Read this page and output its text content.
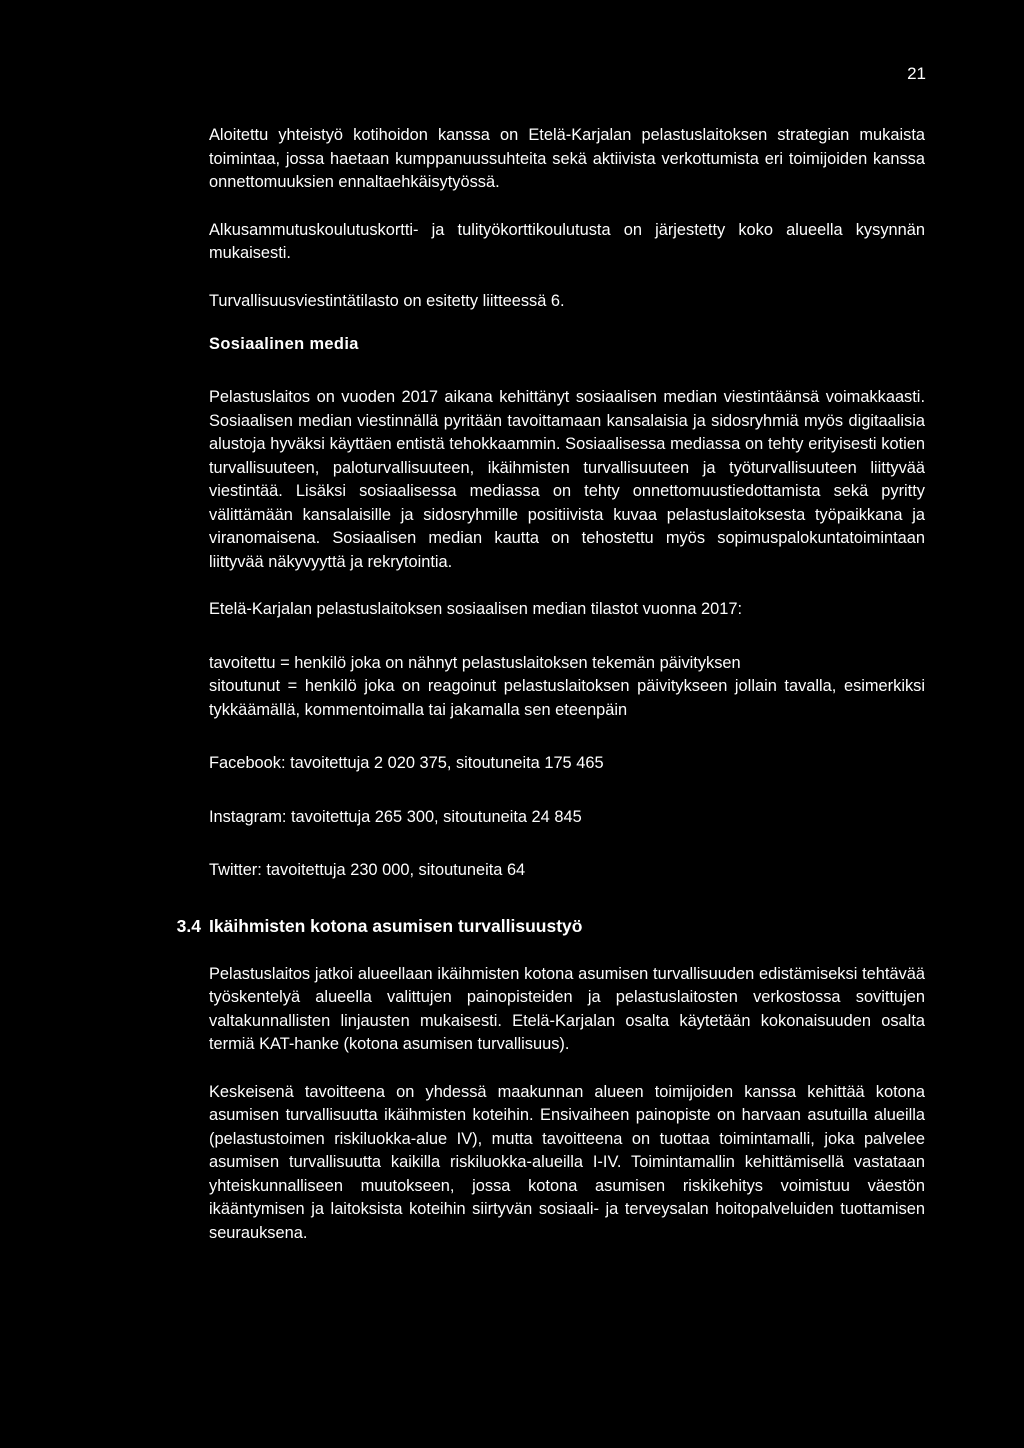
21

Aloitettu yhteistyö kotihoidon kanssa on Etelä-Karjalan pelastuslaitoksen strategian mukaista toimintaa, jossa haetaan kumppanuussuhteita sekä aktiivista verkottumista eri toimijoiden kanssa onnettomuuksien ennaltaehkäisytyössä.

Alkusammutuskoulutuskortti- ja tulityökorttikoulutusta on järjestetty koko alueella kysynnän mukaisesti.

Turvallisuusviestintätilasto on esitetty liitteessä 6.

Sosiaalinen media

Pelastuslaitos on vuoden 2017 aikana kehittänyt sosiaalisen median viestintäänsä voimakkaasti. Sosiaalisen median viestinnällä pyritään tavoittamaan kansalaisia ja sidosryhmiä myös digitaalisia alustoja hyväksi käyttäen entistä tehokkaammin. Sosiaalisessa mediassa on tehty erityisesti kotien turvallisuuteen, paloturvallisuuteen, ikäihmisten turvallisuuteen ja työturvallisuuteen liittyvää viestintää. Lisäksi sosiaalisessa mediassa on tehty onnettomuustiedottamista sekä pyritty välittämään kansalaisille ja sidosryhmille positiivista kuvaa pelastuslaitoksesta työpaikkana ja viranomaisena. Sosiaalisen median kautta on tehostettu myös sopimuspalokuntatoimintaan liittyvää näkyvyyttä ja rekrytointia.

Etelä-Karjalan pelastuslaitoksen sosiaalisen median tilastot vuonna 2017:

tavoitettu = henkilö joka on nähnyt pelastuslaitoksen tekemän päivityksen

sitoutunut = henkilö joka on reagoinut pelastuslaitoksen päivitykseen jollain tavalla, esimerkiksi tykkäämällä, kommentoimalla tai jakamalla sen eteenpäin

Facebook: tavoitettuja 2 020 375, sitoutuneita 175 465

Instagram: tavoitettuja 265 300, sitoutuneita 24 845

Twitter: tavoitettuja 230 000, sitoutuneita 64

3.4 Ikäihmisten kotona asumisen turvallisuustyö

Pelastuslaitos jatkoi alueellaan ikäihmisten kotona asumisen turvallisuuden edistämiseksi tehtävää työskentelyä alueella valittujen painopisteiden ja pelastuslaitosten verkostossa sovittujen valtakunnallisten linjausten mukaisesti. Etelä-Karjalan osalta käytetään kokonaisuuden osalta termiä KAT-hanke (kotona asumisen turvallisuus).

Keskeisenä tavoitteena on yhdessä maakunnan alueen toimijoiden kanssa kehittää kotona asumisen turvallisuutta ikäihmisten koteihin. Ensivaiheen painopiste on harvaan asutuilla alueilla (pelastustoimen riskiluokka-alue IV), mutta tavoitteena on tuottaa toimintamalli, joka palvelee asumisen turvallisuutta kaikilla riskiluokka-alueilla I-IV. Toimintamallin kehittämisellä vastataan yhteiskunnalliseen muutokseen, jossa kotona asumisen riskikehitys voimistuu väestön ikääntymisen ja laitoksista koteihin siirtyvän sosiaali- ja terveysalan hoitopalveluiden tuottamisen seurauksena.
